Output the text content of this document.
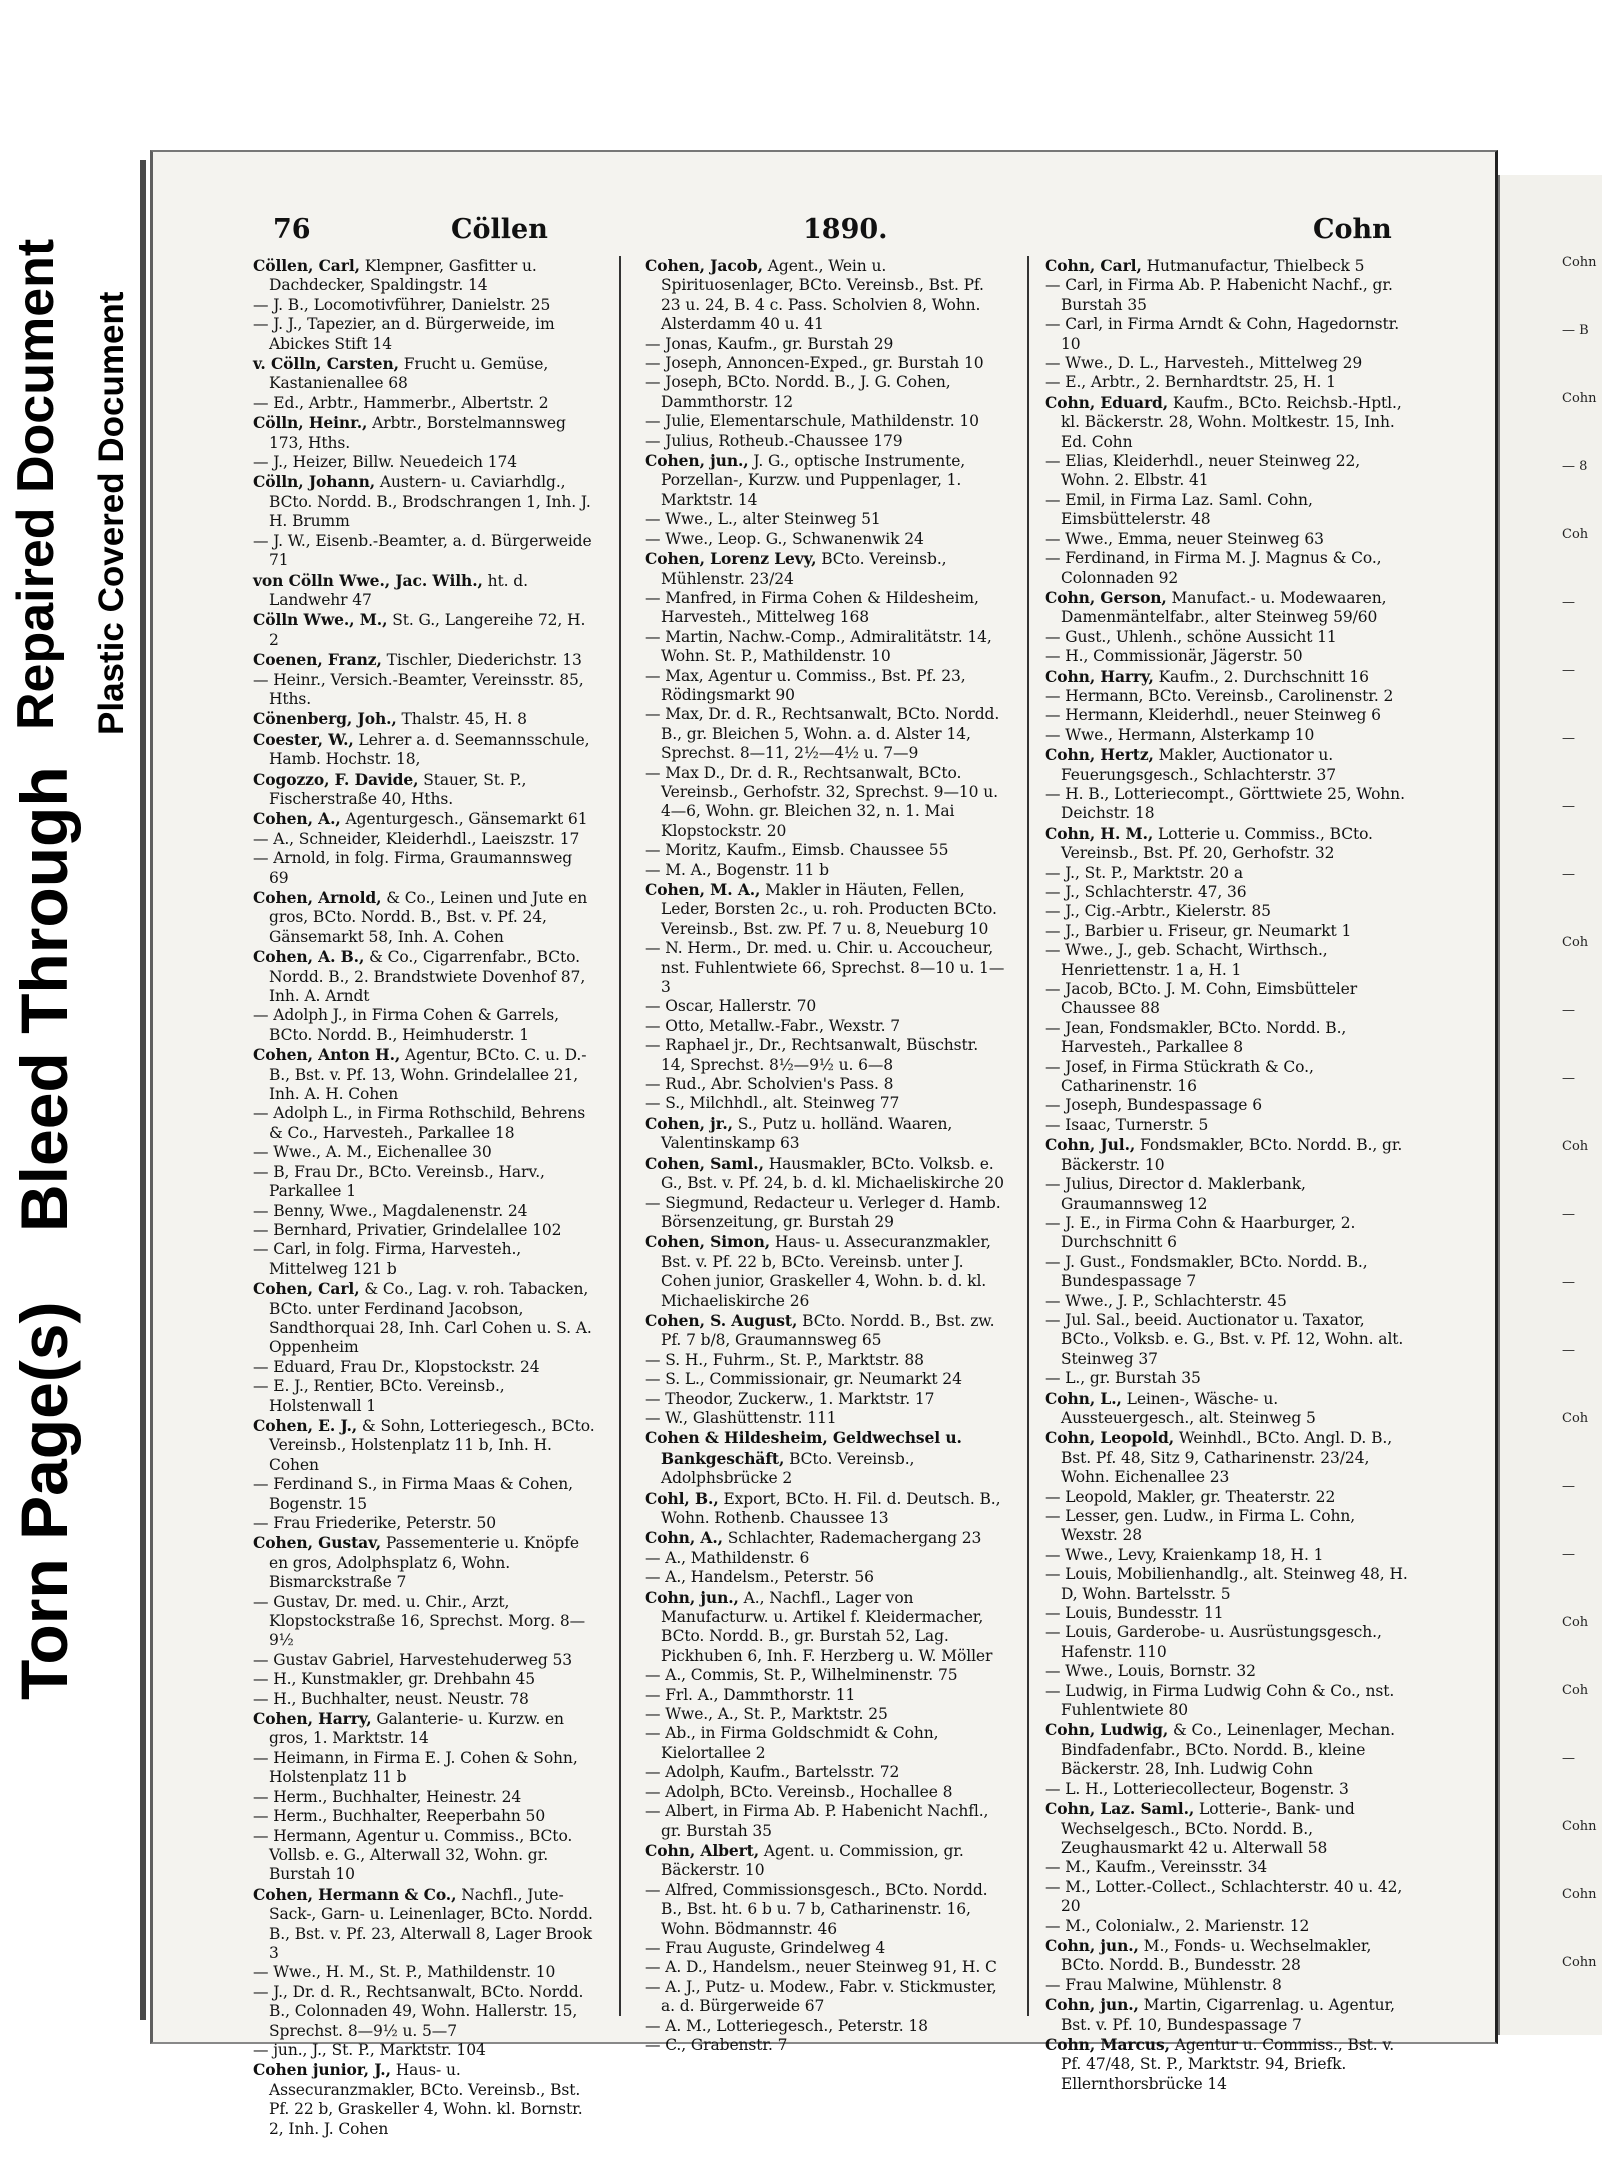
Torn Page(s)
Bleed Through
Repaired Document Plastic Covered Document
76	Cöllen	1890.	Cohn

Cöllen, Carl, Klempner, Gasfitter u. Dachdecker, Spaldingstr. 14

— J. B., Locomotivführer, Danielstr. 25

— J. J., Tapezier, an d. Bürgerweide, im Abickes Stift 14

v. Cölln, Carsten, Frucht u. Gemüse, Kastanienallee 68

— Ed., Arbtr., Hammerbr., Albertstr. 2

Cölln, Heinr., Arbtr., Borstelmannsweg 173, Hths.

— J., Heizer, Billw. Neuedeich 174

Cölln, Johann, Austern- u. Caviarhdlg., BCto. Nordd. B., Brodschrangen 1, Inh. J. H. Brumm

— J. W., Eisenb.-Beamter, a. d. Bürgerweide 71

von Cölln Wwe., Jac. Wilh., ht. d. Landwehr 47

Cölln Wwe., M., St. G., Langereihe 72, H. 2

Coenen, Franz, Tischler, Diederichstr. 13

— Heinr., Versich.-Beamter, Vereinsstr. 85, Hths.

Cönenberg, Joh., Thalstr. 45, H. 8

Coester, W., Lehrer a. d. Seemannsschule, Hamb. Hochstr. 18,

Cogozzo, F. Davide, Stauer, St. P., Fischerstraße 40, Hths.

Cohen, A., Agenturgesch., Gänsemarkt 61

— A., Schneider, Kleiderhdl., Laeiszstr. 17

— Arnold, in folg. Firma, Graumannsweg 69

Cohen, Arnold, & Co., Leinen und Jute en gros, BCto. Nordd. B., Bst. v. Pf. 24, Gänsemarkt 58, Inh. A. Cohen

Cohen, A. B., & Co., Cigarrenfabr., BCto. Nordd. B., 2. Brandstwiete Dovenhof 87, Inh. A. Arndt

— Adolph J., in Firma Cohen & Garrels, BCto. Nordd. B., Heimhuderstr. 1

Cohen, Anton H., Agentur, BCto. C. u. D.-B., Bst. v. Pf. 13, Wohn. Grindelallee 21, Inh. A. H. Cohen

— Adolph L., in Firma Rothschild, Behrens & Co., Harvesteh., Parkallee 18

— Wwe., A. M., Eichenallee 30

— B, Frau Dr., BCto. Vereinsb., Harv., Parkallee 1

— Benny, Wwe., Magdalenenstr. 24

— Bernhard, Privatier, Grindelallee 102

— Carl, in folg. Firma, Harvesteh., Mittelweg 121 b

Cohen, Carl, & Co., Lag. v. roh. Tabacken, BCto. unter Ferdinand Jacobson, Sandthorquai 28, Inh. Carl Cohen u. S. A. Oppenheim

— Eduard, Frau Dr., Klopstockstr. 24

— E. J., Rentier, BCto. Vereinsb., Holstenwall 1

Cohen, E. J., & Sohn, Lotteriegesch., BCto. Vereinsb., Holstenplatz 11 b, Inh. H. Cohen

— Ferdinand S., in Firma Maas & Cohen, Bogenstr. 15

— Frau Friederike, Peterstr. 50

Cohen, Gustav, Passementerie u. Knöpfe en gros, Adolphsplatz 6, Wohn. Bismarckstraße 7

— Gustav, Dr. med. u. Chir., Arzt, Klopstockstraße 16, Sprechst. Morg. 8—9½

— Gustav Gabriel, Harvestehuderweg 53

— H., Kunstmakler, gr. Drehbahn 45

— H., Buchhalter, neust. Neustr. 78

Cohen, Harry, Galanterie- u. Kurzw. en gros, 1. Marktstr. 14

— Heimann, in Firma E. J. Cohen & Sohn, Holstenplatz 11 b

— Herm., Buchhalter, Heinestr. 24

— Herm., Buchhalter, Reeperbahn 50

— Hermann, Agentur u. Commiss., BCto. Vollsb. e. G., Alterwall 32, Wohn. gr. Burstah 10

Cohen, Hermann & Co., Nachfl., Jute-Sack-, Garn- u. Leinenlager, BCto. Nordd. B., Bst. v. Pf. 23, Alterwall 8, Lager Brook 3

— Wwe., H. M., St. P., Mathildenstr. 10

— J., Dr. d. R., Rechtsanwalt, BCto. Nordd. B., Colonnaden 49, Wohn. Hallerstr. 15, Sprechst. 8—9½ u. 5—7

— jun., J., St. P., Marktstr. 104

Cohen junior, J., Haus- u. Assecuranzmakler, BCto. Vereinsb., Bst. Pf. 22 b, Graskeller 4, Wohn. kl. Bornstr. 2, Inh. J. Cohen

Cohen, Jacob, Agent., Wein u. Spirituosenlager, BCto. Vereinsb., Bst. Pf. 23 u. 24, B. 4 c. Pass. Scholvien 8, Wohn. Alsterdamm 40 u. 41

— Jonas, Kaufm., gr. Burstah 29

— Joseph, Annoncen-Exped., gr. Burstah 10

— Joseph, BCto. Nordd. B., J. G. Cohen, Dammthorstr. 12

— Julie, Elementarschule, Mathildenstr. 10

— Julius, Rotheub.-Chaussee 179

Cohen, jun., J. G., optische Instrumente, Porzellan-, Kurzw. und Puppenlager, 1. Marktstr. 14

— Wwe., L., alter Steinweg 51

— Wwe., Leop. G., Schwanenwik 24

Cohen, Lorenz Levy, BCto. Vereinsb., Mühlenstr. 23/24

— Manfred, in Firma Cohen & Hildesheim, Harvesteh., Mittelweg 168

— Martin, Nachw.-Comp., Admiralitätstr. 14, Wohn. St. P., Mathildenstr. 10

— Max, Agentur u. Commiss., Bst. Pf. 23, Rödingsmarkt 90

— Max, Dr. d. R., Rechtsanwalt, BCto. Nordd. B., gr. Bleichen 5, Wohn. a. d. Alster 14, Sprechst. 8—11, 2½—4½ u. 7—9

— Max D., Dr. d. R., Rechtsanwalt, BCto. Vereinsb., Gerhofstr. 32, Sprechst. 9—10 u. 4—6, Wohn. gr. Bleichen 32, n. 1. Mai Klopstockstr. 20

— Moritz, Kaufm., Eimsb. Chaussee 55

— M. A., Bogenstr. 11 b

Cohen, M. A., Makler in Häuten, Fellen, Leder, Borsten 2c., u. roh. Producten BCto. Vereinsb., Bst. zw. Pf. 7 u. 8, Neueburg 10

— N. Herm., Dr. med. u. Chir. u. Accoucheur, nst. Fuhlentwiete 66, Sprechst. 8—10 u. 1—3

— Oscar, Hallerstr. 70

— Otto, Metallw.-Fabr., Wexstr. 7

— Raphael jr., Dr., Rechtsanwalt, Büschstr. 14, Sprechst. 8½—9½ u. 6—8

— Rud., Abr. Scholvien's Pass. 8

— S., Milchhdl., alt. Steinweg 77

Cohen, jr., S., Putz u. holländ. Waaren, Valentinskamp 63

Cohen, Saml., Hausmakler, BCto. Volksb. e. G., Bst. v. Pf. 24, b. d. kl. Michaeliskirche 20

— Siegmund, Redacteur u. Verleger d. Hamb. Börsenzeitung, gr. Burstah 29

Cohen, Simon, Haus- u. Assecuranzmakler, Bst. v. Pf. 22 b, BCto. Vereinsb. unter J. Cohen junior, Graskeller 4, Wohn. b. d. kl. Michaeliskirche 26

Cohen, S. August, BCto. Nordd. B., Bst. zw. Pf. 7 b/8, Graumannsweg 65

— S. H., Fuhrm., St. P., Marktstr. 88

— S. L., Commissionair, gr. Neumarkt 24

— Theodor, Zuckerw., 1. Marktstr. 17

— W., Glashüttenstr. 111

Cohen & Hildesheim, Geldwechsel u. Bankgeschäft, BCto. Vereinsb., Adolphsbrücke 2

Cohl, B., Export, BCto. H. Fil. d. Deutsch. B., Wohn. Rothenb. Chaussee 13

Cohn, A., Schlachter, Rademachergang 23

— A., Mathildenstr. 6

— A., Handelsm., Peterstr. 56

Cohn, jun., A., Nachfl., Lager von Manufacturw. u. Artikel f. Kleidermacher, BCto. Nordd. B., gr. Burstah 52, Lag. Pickhuben 6, Inh. F. Herzberg u. W. Möller

— A., Commis, St. P., Wilhelminenstr. 75

— Frl. A., Dammthorstr. 11

— Wwe., A., St. P., Marktstr. 25

— Ab., in Firma Goldschmidt & Cohn, Kielortallee 2

— Adolph, Kaufm., Bartelsstr. 72

— Adolph, BCto. Vereinsb., Hochallee 8

— Albert, in Firma Ab. P. Habenicht Nachfl., gr. Burstah 35

Cohn, Albert, Agent. u. Commission, gr. Bäckerstr. 10

— Alfred, Commissionsgesch., BCto. Nordd. B., Bst. ht. 6 b u. 7 b, Catharinenstr. 16, Wohn. Bödmannstr. 46

— Frau Auguste, Grindelweg 4

— A. D., Handelsm., neuer Steinweg 91, H. C

— A. J., Putz- u. Modew., Fabr. v. Stickmuster, a. d. Bürgerweide 67

— A. M., Lotteriegesch., Peterstr. 18

— C., Grabenstr. 7

Cohn, Carl, Hutmanufactur, Thielbeck 5

— Carl, in Firma Ab. P. Habenicht Nachf., gr. Burstah 35

— Carl, in Firma Arndt & Cohn, Hagedornstr. 10

— Wwe., D. L., Harvesteh., Mittelweg 29

— E., Arbtr., 2. Bernhardtstr. 25, H. 1

Cohn, Eduard, Kaufm., BCto. Reichsb.-Hptl., kl. Bäckerstr. 28, Wohn. Moltkestr. 15, Inh. Ed. Cohn

— Elias, Kleiderhdl., neuer Steinweg 22, Wohn. 2. Elbstr. 41

— Emil, in Firma Laz. Saml. Cohn, Eimsbüttelerstr. 48

— Wwe., Emma, neuer Steinweg 63

— Ferdinand, in Firma M. J. Magnus & Co., Colonnaden 92

Cohn, Gerson, Manufact.- u. Modewaaren, Damenmäntelfabr., alter Steinweg 59/60

— Gust., Uhlenh., schöne Aussicht 11

— H., Commissionär, Jägerstr. 50

Cohn, Harry, Kaufm., 2. Durchschnitt 16

— Hermann, BCto. Vereinsb., Carolinenstr. 2

— Hermann, Kleiderhdl., neuer Steinweg 6

— Wwe., Hermann, Alsterkamp 10

Cohn, Hertz, Makler, Auctionator u. Feuerungsgesch., Schlachterstr. 37

— H. B., Lotteriecompt., Görttwiete 25, Wohn. Deichstr. 18

Cohn, H. M., Lotterie u. Commiss., BCto. Vereinsb., Bst. Pf. 20, Gerhofstr. 32

— J., St. P., Marktstr. 20 a

— J., Schlachterstr. 47, 36

— J., Cig.-Arbtr., Kielerstr. 85

— J., Barbier u. Friseur, gr. Neumarkt 1

— Wwe., J., geb. Schacht, Wirthsch., Henriettenstr. 1 a, H. 1

— Jacob, BCto. J. M. Cohn, Eimsbütteler Chaussee 88

— Jean, Fondsmakler, BCto. Nordd. B., Harvesteh., Parkallee 8

— Josef, in Firma Stückrath & Co., Catharinenstr. 16

— Joseph, Bundespassage 6

— Isaac, Turnerstr. 5

Cohn, Jul., Fondsmakler, BCto. Nordd. B., gr. Bäckerstr. 10

— Julius, Director d. Maklerbank, Graumannsweg 12

— J. E., in Firma Cohn & Haarburger, 2. Durchschnitt 6

— J. Gust., Fondsmakler, BCto. Nordd. B., Bundespassage 7

— Wwe., J. P., Schlachterstr. 45

— Jul. Sal., beeid. Auctionator u. Taxator, BCto., Volksb. e. G., Bst. v. Pf. 12, Wohn. alt. Steinweg 37

— L., gr. Burstah 35

Cohn, L., Leinen-, Wäsche- u. Aussteuergesch., alt. Steinweg 5

Cohn, Leopold, Weinhdl., BCto. Angl. D. B., Bst. Pf. 48, Sitz 9, Catharinenstr. 23/24, Wohn. Eichenallee 23

— Leopold, Makler, gr. Theaterstr. 22

— Lesser, gen. Ludw., in Firma L. Cohn, Wexstr. 28

— Wwe., Levy, Kraienkamp 18, H. 1

— Louis, Mobilienhandlg., alt. Steinweg 48, H. D, Wohn. Bartelsstr. 5

— Louis, Bundesstr. 11

— Louis, Garderobe- u. Ausrüstungsgesch., Hafenstr. 110

— Wwe., Louis, Bornstr. 32

— Ludwig, in Firma Ludwig Cohn & Co., nst. Fuhlentwiete 80

Cohn, Ludwig, & Co., Leinenlager, Mechan. Bindfadenfabr., BCto. Nordd. B., kleine Bäckerstr. 28, Inh. Ludwig Cohn

— L. H., Lotteriecollecteur, Bogenstr. 3

Cohn, Laz. Saml., Lotterie-, Bank- und Wechselgesch., BCto. Nordd. B., Zeughausmarkt 42 u. Alterwall 58

— M., Kaufm., Vereinsstr. 34

— M., Lotter.-Collect., Schlachterstr. 40 u. 42, 20

— M., Colonialw., 2. Marienstr. 12

Cohn, jun., M., Fonds- u. Wechselmakler, BCto. Nordd. B., Bundesstr. 28

— Frau Malwine, Mühlenstr. 8

Cohn, jun., Martin, Cigarrenlag. u. Agentur, Bst. v. Pf. 10, Bundespassage 7

Cohn, Marcus, Agentur u. Commiss., Bst. v. Pf. 47/48, St. P., Marktstr. 94, Briefk. Ellernthorsbrücke 14

Cohn
— B
Cohn
— 8
Coh
—
—
—
—
—
Coh
—
—
Coh
—
—
—
Coh
—
—
Coh
Coh
—
Cohn
Cohn
Cohn
